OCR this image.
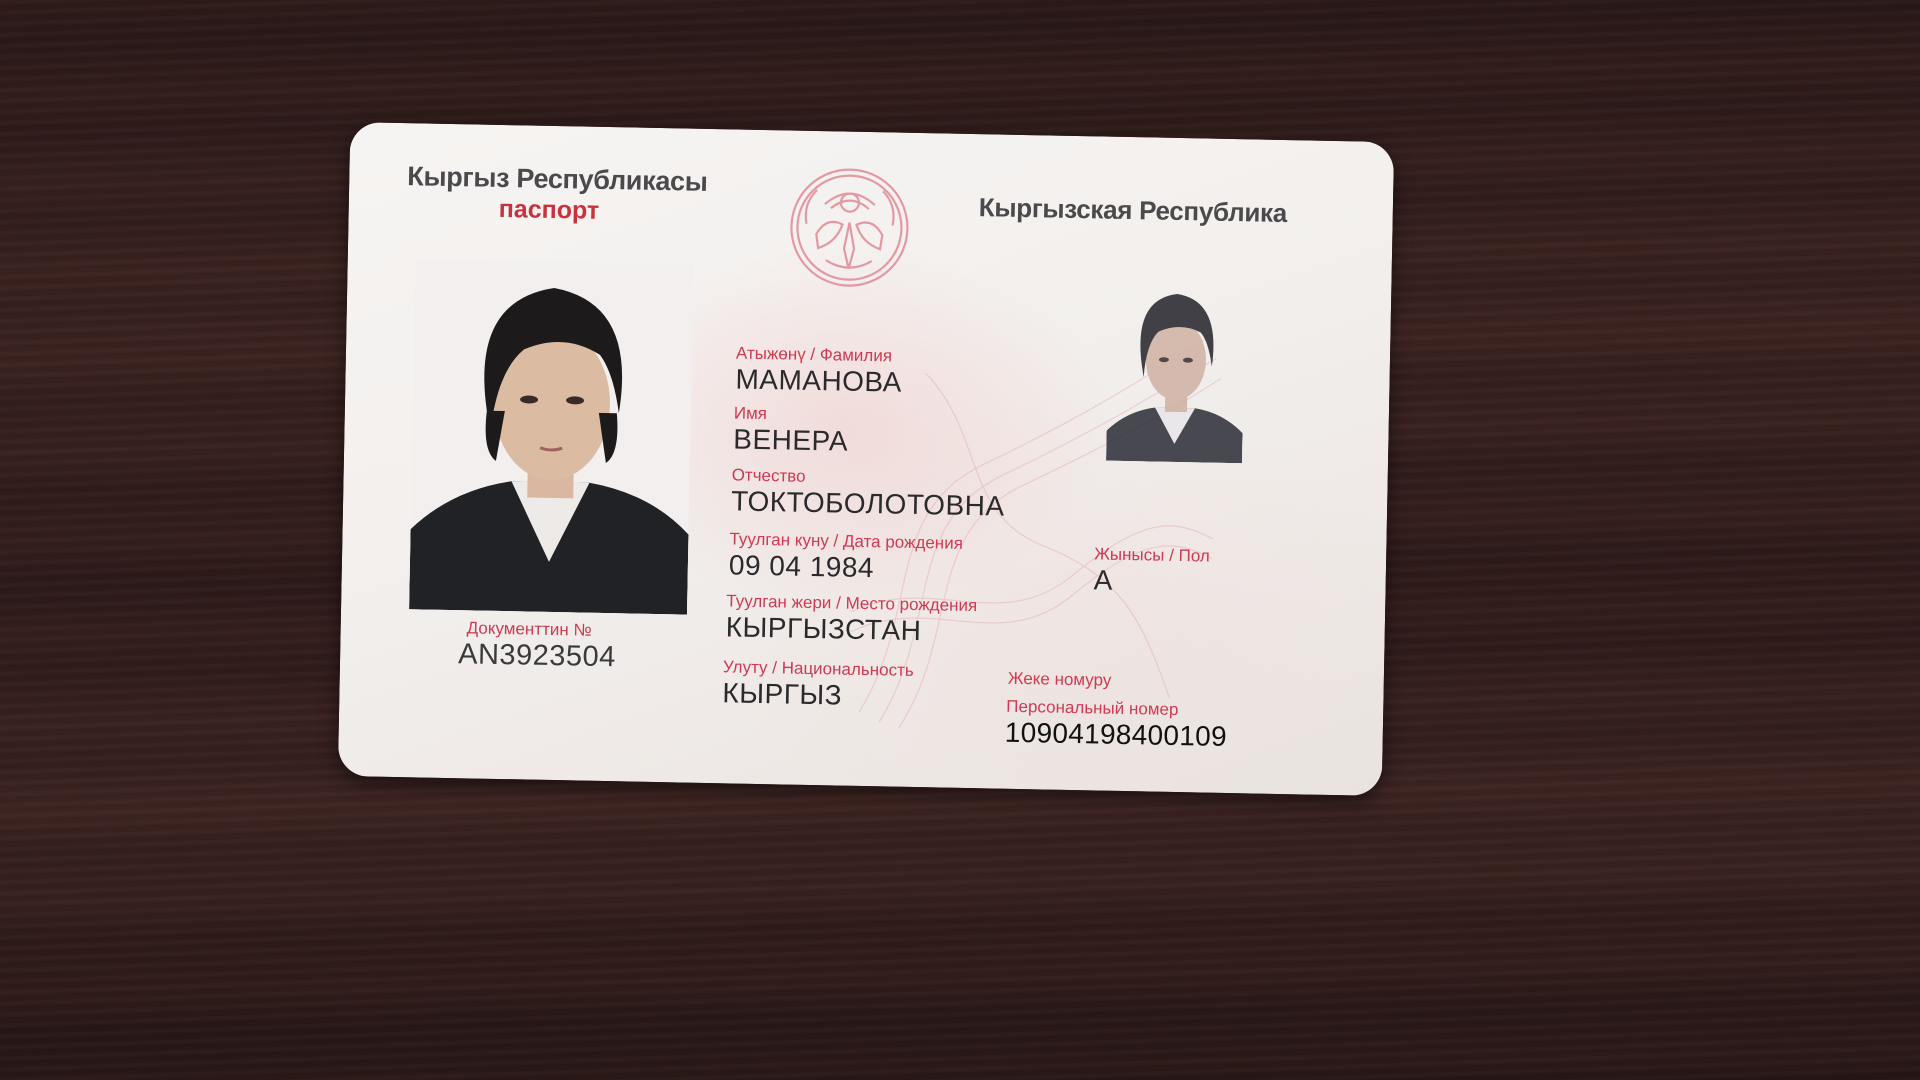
Кыргыз Республикасы
паспорт	Кыргызская Республика
Документтин №
AN3923504
Атыжөнү / Фамилия
МАМАНОВА
Имя
ВЕНЕРА
Отчество
ТОКТОБОЛОТОВНА
Туулган куну / Дата рождения
09 04 1984	Жынысы / Пол
А
Туулган жери / Место рождения
КЫРГЫЗСТАН
Улуту / Национальность
КЫРГЫЗ	Жеке номуру
Персональный номер
10904198400109
